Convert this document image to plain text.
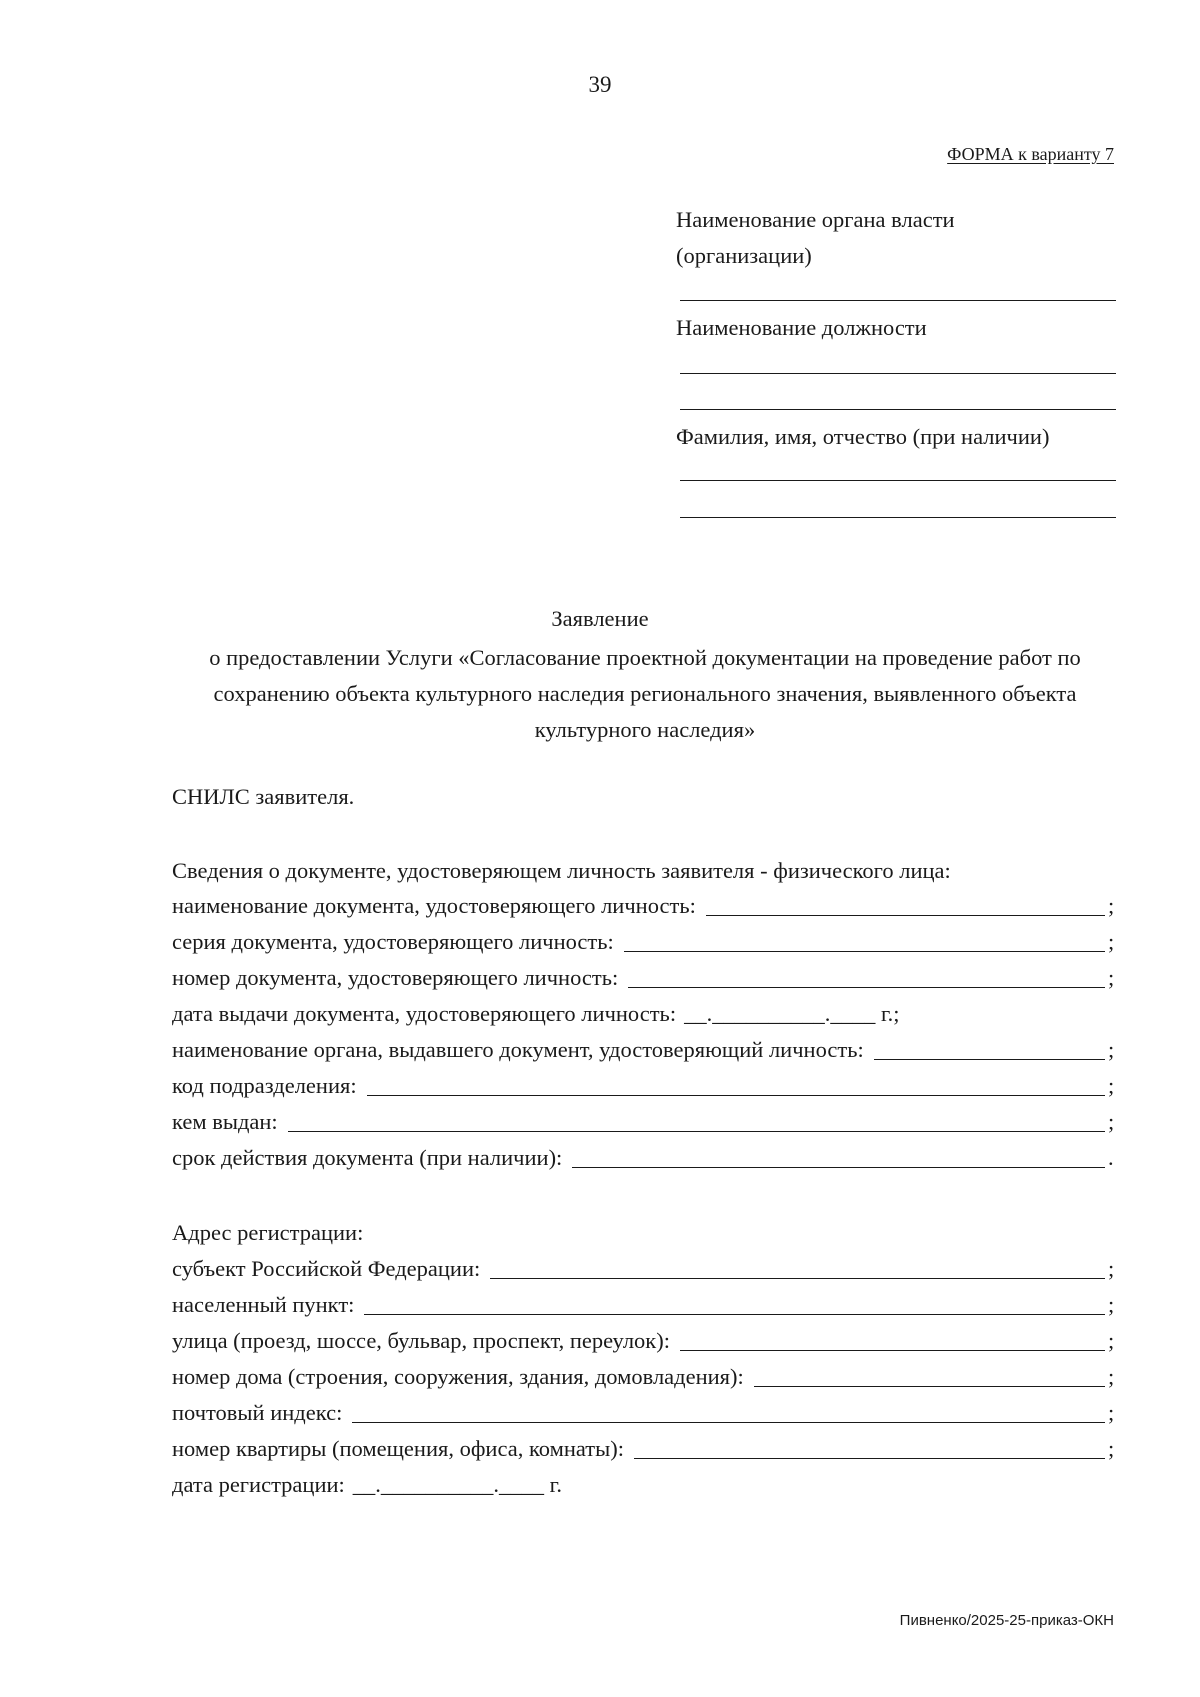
39
ФОРМА к варианту 7
Наименование органа власти
(организации)
Наименование должности
Фамилия, имя, отчество (при наличии)
Заявление
о предоставлении Услуги «Согласование проектной документации на проведение работ по сохранению объекта культурного наследия регионального значения, выявленного объекта культурного наследия»
СНИЛС заявителя.
Сведения о документе, удостоверяющем личность заявителя - физического лица:
наименование документа, удостоверяющего личность:	;
серия документа, удостоверяющего личность:	;
номер документа, удостоверяющего личность:	;
дата выдачи документа, удостоверяющего личность: __.__________.____ г.;
наименование органа, выдавшего документ, удостоверяющий личность:	;
код подразделения:	;
кем выдан:	;
срок действия документа (при наличии):	.
Адрес регистрации:
субъект Российской Федерации:	;
населенный пункт:	;
улица (проезд, шоссе, бульвар, проспект, переулок):	;
номер дома (строения, сооружения, здания, домовладения):	;
почтовый индекс:	;
номер квартиры (помещения, офиса, комнаты):	;
дата регистрации: __.__________.____ г.
Пивненко/2025-25-приказ-ОКН
